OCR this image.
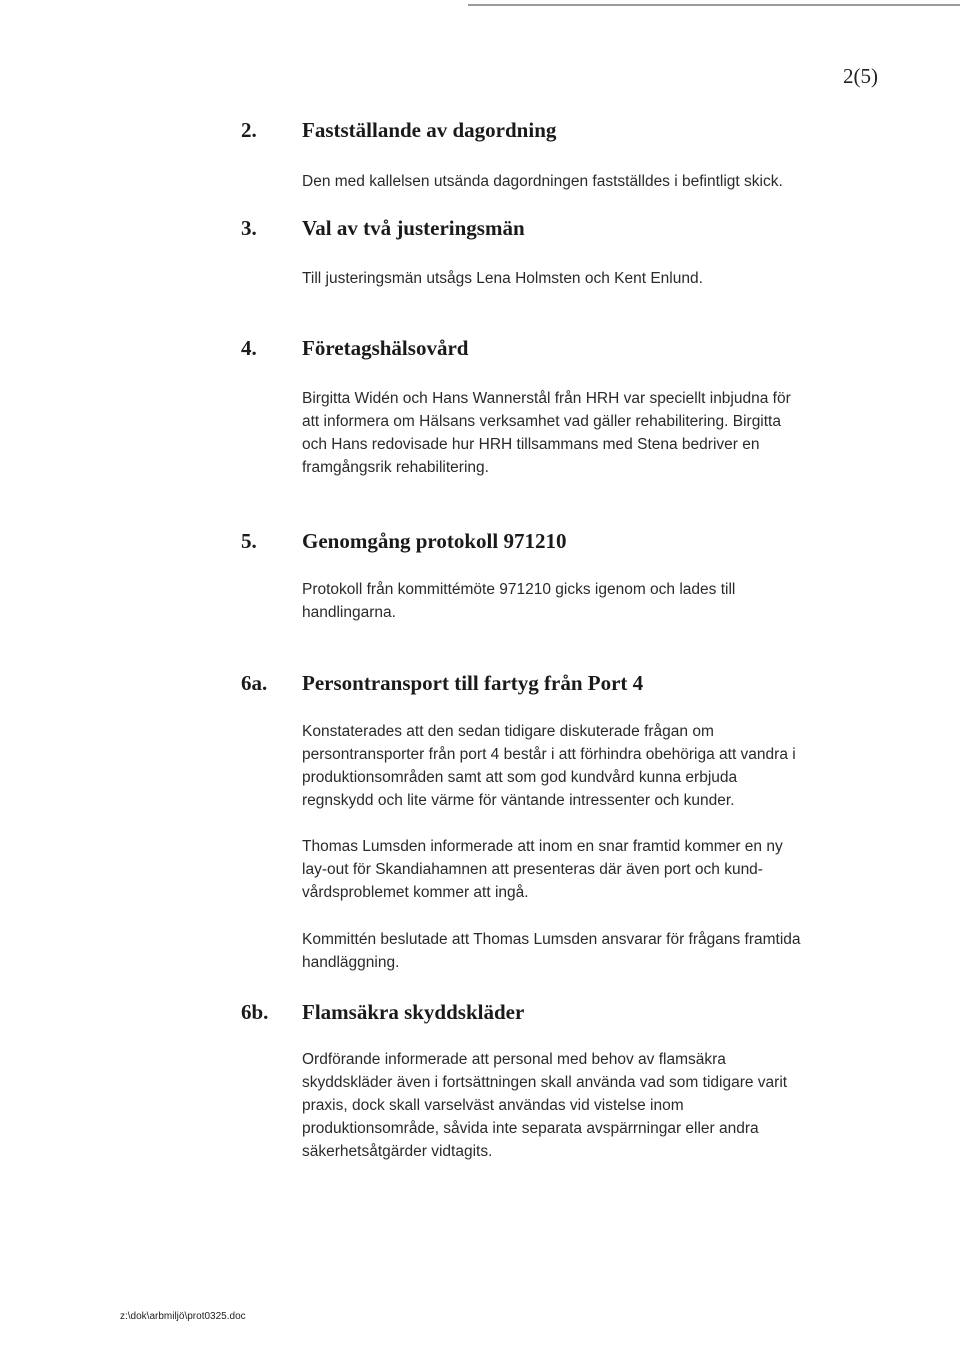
2(5)
2. Fastställande av dagordning

Den med kallelsen utsända dagordningen fastställdes i befintligt skick.

3. Val av två justeringsmän

Till justeringsmän utsågs Lena Holmsten och Kent Enlund.

4. Företagshälsovård

Birgitta Widén och Hans Wannerstål från HRH var speciellt inbjudna för
att informera om Hälsans verksamhet vad gäller rehabilitering. Birgitta
och Hans redovisade hur HRH tillsammans med Stena bedriver en
framgångsrik rehabilitering.

5. Genomgång protokoll 971210

Protokoll från kommittémöte 971210 gicks igenom och lades till
handlingarna.

6a. Persontransport till fartyg från Port 4

Konstaterades att den sedan tidigare diskuterade frågan om
persontransporter från port 4 består i att förhindra obehöriga att vandra i
produktionsområden samt att som god kundvård kunna erbjuda
regnskydd och lite värme för väntande intressenter och kunder.

Thomas Lumsden informerade att inom en snar framtid kommer en ny
lay-out för Skandiahamnen att presenteras där även port och kund-
vårdsproblemet kommer att ingå.

Kommittén beslutade att Thomas Lumsden ansvarar för frågans framtida
handläggning.

6b. Flamsäkra skyddskläder

Ordförande informerade att personal med behov av flamsäkra
skyddskläder även i fortsättningen skall använda vad som tidigare varit
praxis, dock skall varselväst användas vid vistelse inom
produktionsområde, såvida inte separata avspärrningar eller andra
säkerhetsåtgärder vidtagits.

z:\dok\arbmiljö\prot0325.doc
